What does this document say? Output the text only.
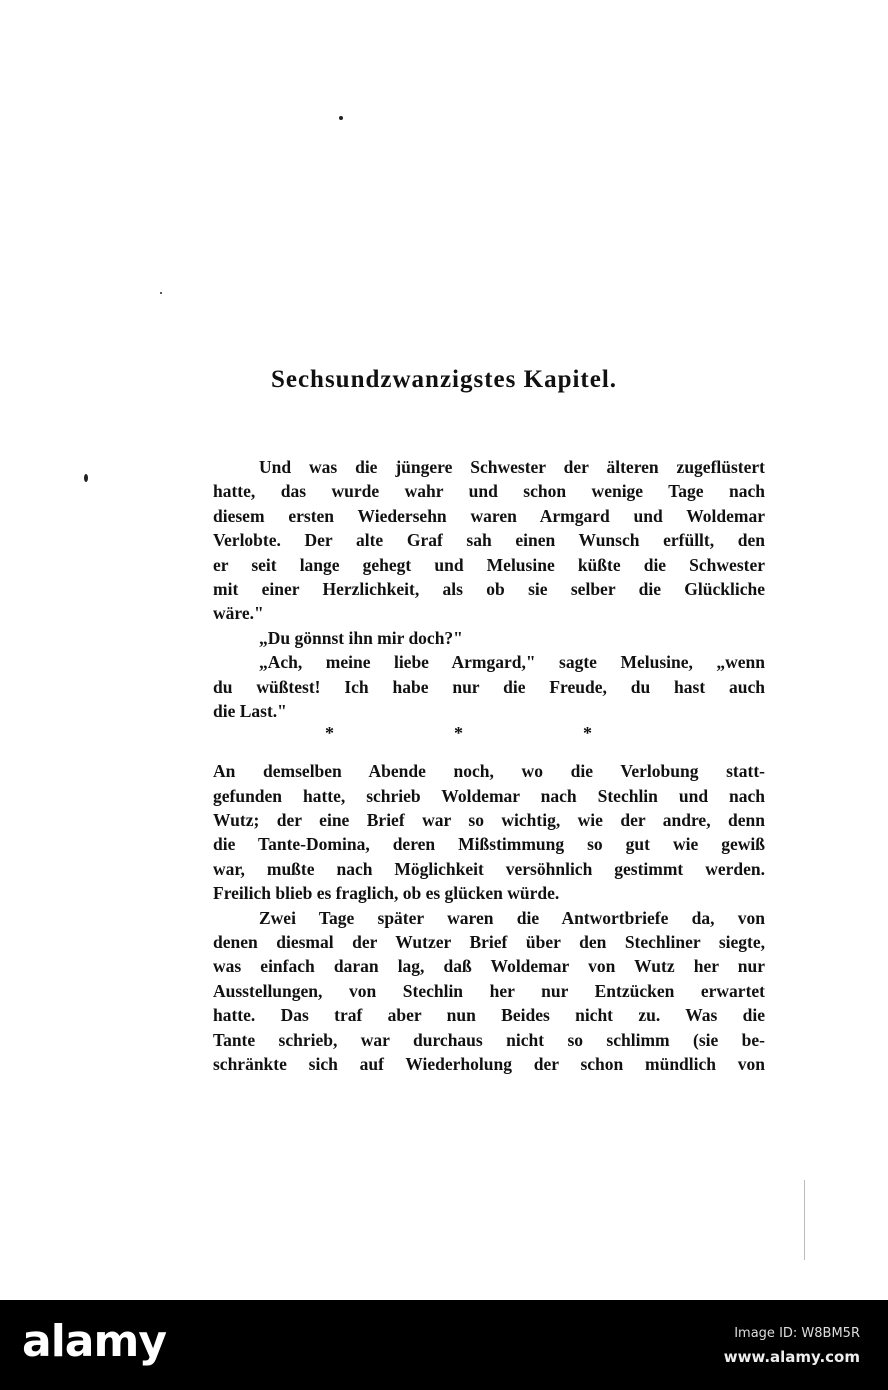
Sechsundzwanzigstes Kapitel.
Und was die jüngere Schwester der älteren zugeflüstert
hatte, das wurde wahr und schon wenige Tage nach
diesem ersten Wiedersehn waren Armgard und Woldemar
Verlobte. Der alte Graf sah einen Wunsch erfüllt, den
er seit lange gehegt und Melusine küßte die Schwester
mit einer Herzlichkeit, als ob sie selber die Glückliche
wäre."
„Du gönnst ihn mir doch?"
„Ach, meine liebe Armgard," sagte Melusine, „wenn
du wüßtest! Ich habe nur die Freude, du hast auch
die Last."
*	*	*
An demselben Abende noch, wo die Verlobung statt-
gefunden hatte, schrieb Woldemar nach Stechlin und nach
Wutz; der eine Brief war so wichtig, wie der andre, denn
die Tante-Domina, deren Mißstimmung so gut wie gewiß
war, mußte nach Möglichkeit versöhnlich gestimmt werden.
Freilich blieb es fraglich, ob es glücken würde.
Zwei Tage später waren die Antwortbriefe da, von
denen diesmal der Wutzer Brief über den Stechliner siegte,
was einfach daran lag, daß Woldemar von Wutz her nur
Ausstellungen, von Stechlin her nur Entzücken erwartet
hatte. Das traf aber nun Beides nicht zu. Was die
Tante schrieb, war durchaus nicht so schlimm (sie be-
schränkte sich auf Wiederholung der schon mündlich von
alamy	Image ID: W8BM5R
www.alamy.com
